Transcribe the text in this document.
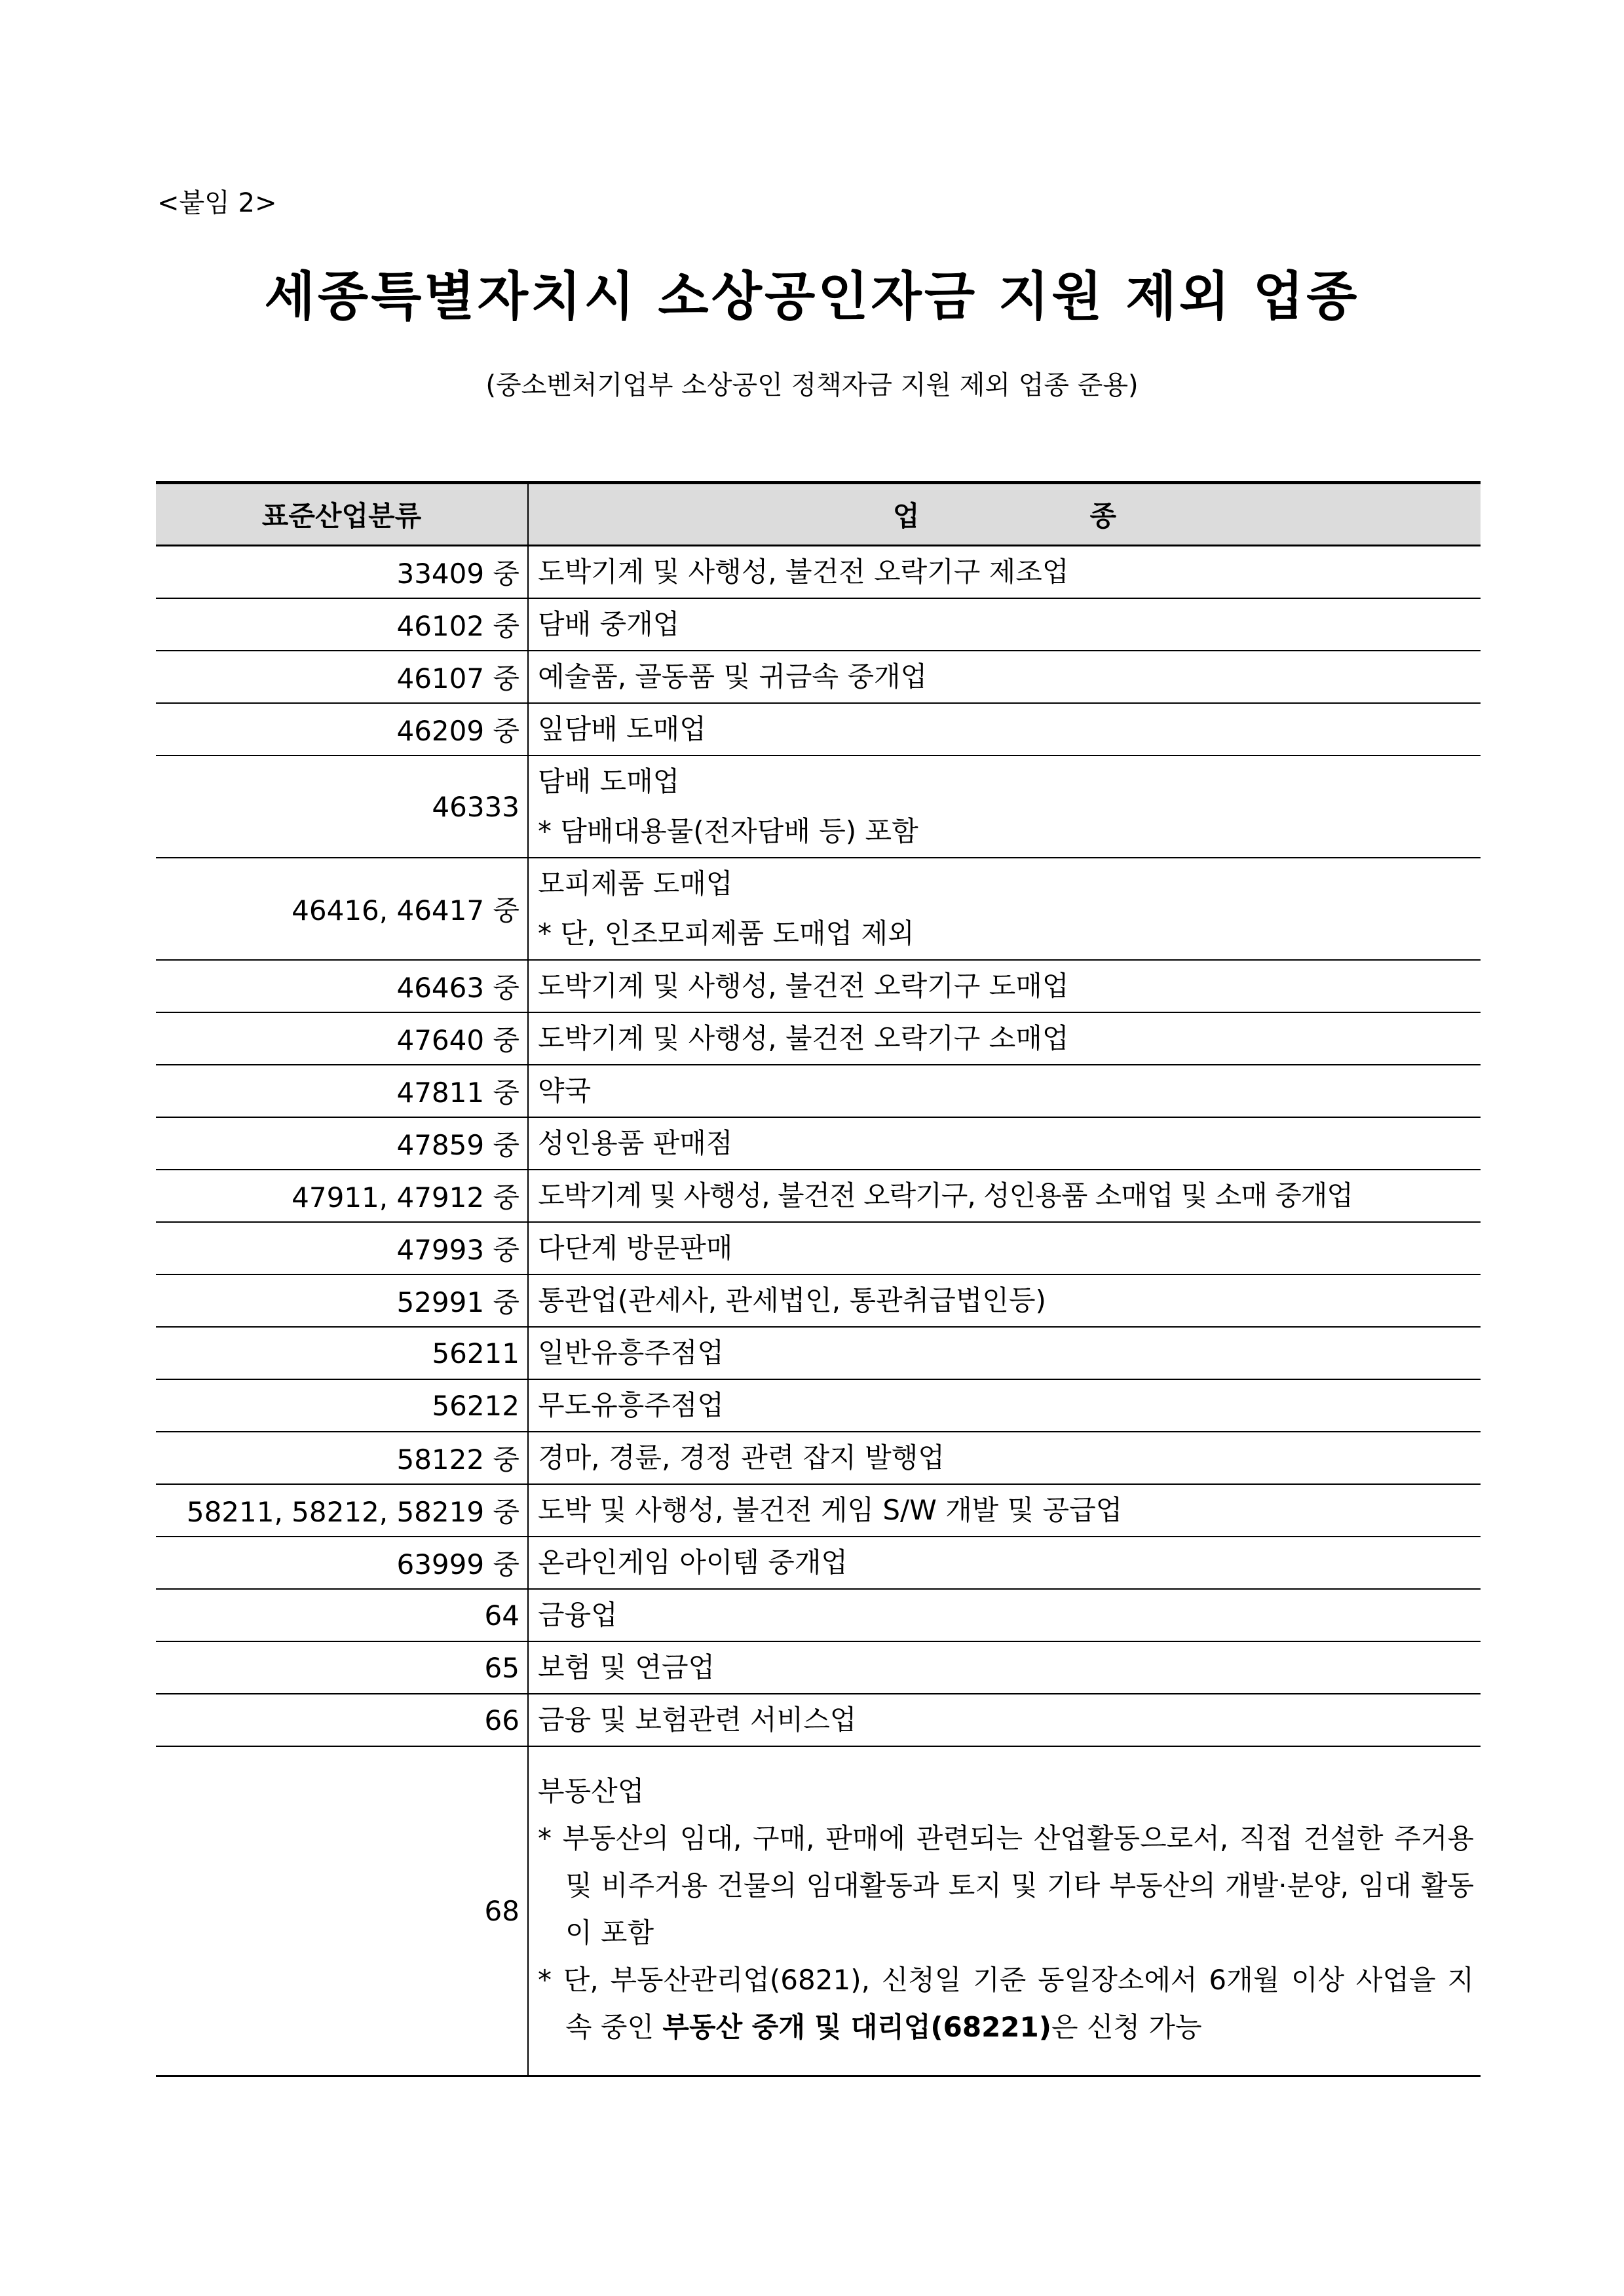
<붙임 2>
세종특별자치시 소상공인자금 지원 제외 업종
(중소벤처기업부 소상공인 정책자금 지원 제외 업종 준용)
표준산업분류	업 종
33409 중	도박기계 및 사행성, 불건전 오락기구 제조업
46102 중	담배 중개업
46107 중	예술품, 골동품 및 귀금속 중개업
46209 중	잎담배 도매업
46333	담배 도매업
* 담배대용물(전자담배 등) 포함

46416, 46417 중	모피제품 도매업
* 단, 인조모피제품 도매업 제외

46463 중	도박기계 및 사행성, 불건전 오락기구 도매업
47640 중	도박기계 및 사행성, 불건전 오락기구 소매업
47811 중	약국
47859 중	성인용품 판매점
47911, 47912 중	도박기계 및 사행성, 불건전 오락기구, 성인용품 소매업 및 소매 중개업
47993 중	다단계 방문판매
52991 중	통관업(관세사, 관세법인, 통관취급법인등)
56211	일반유흥주점업
56212	무도유흥주점업
58122 중	경마, 경륜, 경정 관련 잡지 발행업
58211, 58212, 58219 중	도박 및 사행성, 불건전 게임 S/W 개발 및 공급업
63999 중	온라인게임 아이템 중개업
64	금융업
65	보험 및 연금업
66	금융 및 보험관련 서비스업
68	부동산업
* 부동산의 임대, 구매, 판매에 관련되는 산업활동으로서, 직접 건설한 주거용 및 비주거용 건물의 임대활동과 토지 및 기타 부동산의 개발·분양, 임대 활동이 포함
* 단, 부동산관리업(6821), 신청일 기준 동일장소에서 6개월 이상 사업을 지속 중인 부동산 중개 및 대리업(68221)은 신청 가능
